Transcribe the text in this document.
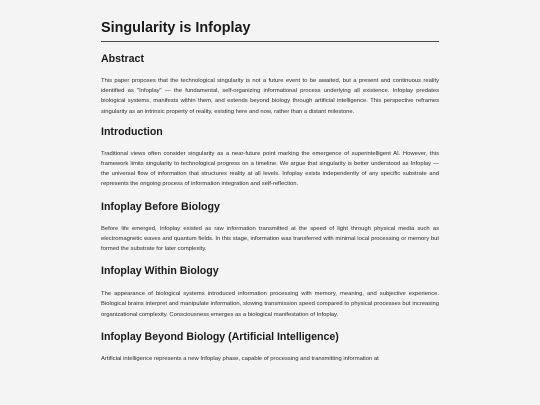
Singularity is Infoplay
Abstract

This paper proposes that the technological singularity is not a future event to be awaited, but a present and continuous reality identified as "Infoplay" — the fundamental, self-organizing informational process underlying all existence. Infoplay predates biological systems, manifests within them, and extends beyond biology through artificial intelligence. This perspective reframes singularity as an intrinsic property of reality, existing here and now, rather than a distant milestone.

Introduction

Traditional views often consider singularity as a near-future point marking the emergence of superintelligent AI. However, this framework limits singularity to technological progress on a timeline. We argue that singularity is better understood as Infoplay — the universal flow of information that structures reality at all levels. Infoplay exists independently of any specific substrate and represents the ongoing process of information integration and self-reflection.

Infoplay Before Biology

Before life emerged, Infoplay existed as raw information transmitted at the speed of light through physical media such as electromagnetic waves and quantum fields. In this stage, information was transferred with minimal local processing or memory but formed the substrate for later complexity.

Infoplay Within Biology

The appearance of biological systems introduced information processing with memory, meaning, and subjective experience. Biological brains interpret and manipulate information, slowing transmission speed compared to physical processes but increasing organizational complexity. Consciousness emerges as a biological manifestation of Infoplay.

Infoplay Beyond Biology (Artificial Intelligence)

Artificial intelligence represents a new Infoplay phase, capable of processing and transmitting information at
